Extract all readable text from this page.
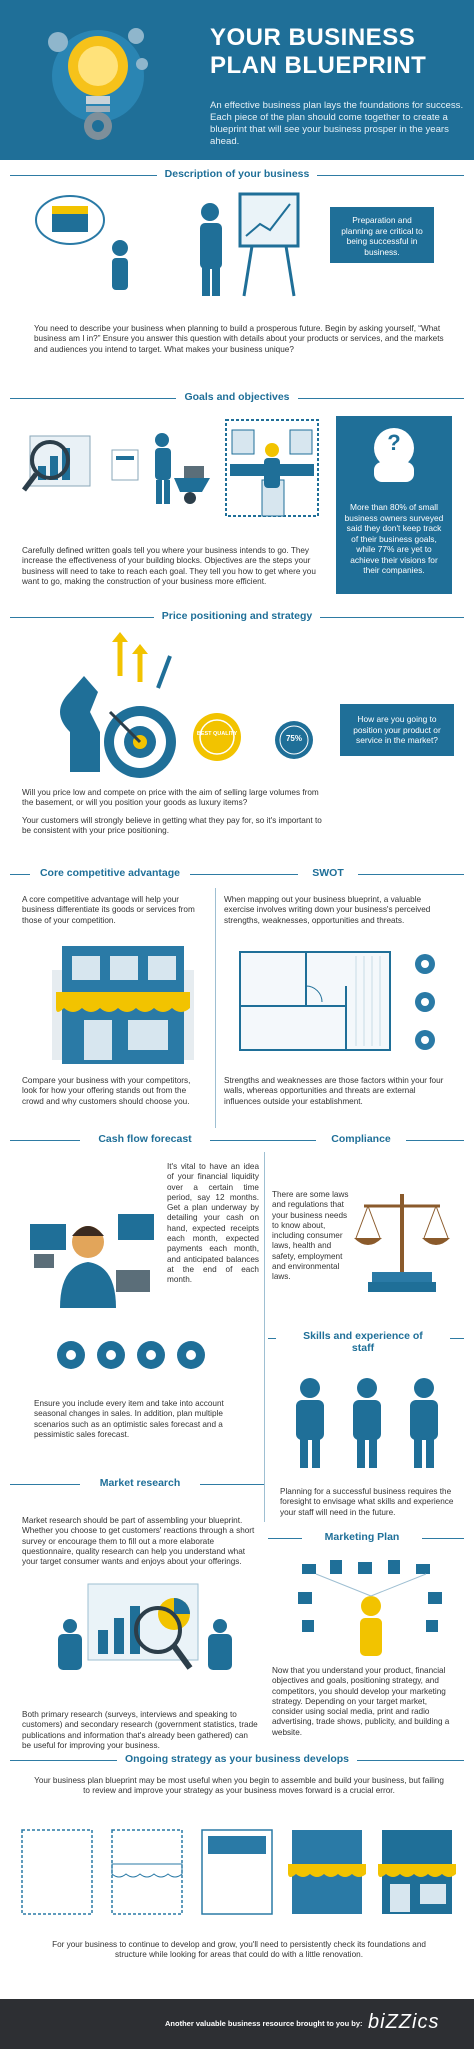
YOUR BUSINESS
PLAN BLUEPRINT
An effective business plan lays the foundations for success. Each piece of the plan should come together to create a blueprint that will see your business prosper in the years ahead.
Description of your business
Preparation and planning are critical to being successful in business.
You need to describe your business when planning to build a prosperous future. Begin by asking yourself, “What business am I in?” Ensure you answer this question with details about your products or services, and the markets and audiences you intend to target. What makes your business unique?
Goals and objectives
?
More than 80% of small business owners surveyed said they don't keep track of their business goals, while 77% are yet to achieve their visions for their companies.
Carefully defined written goals tell you where your business intends to go. They increase the effectiveness of your building blocks. Objectives are the steps your business will need to take to reach each goal. They tell you how to get where you want to go, making the construction of your business more efficient.
Price positioning and strategy
BEST QUALITY	75%
How are you going to position your product or service in the market?
Will you price low and compete on price with the aim of selling large volumes from the basement, or will you position your goods as luxury items?
Your customers will strongly believe in getting what they pay for, so it's important to be consistent with your price positioning.
Core competitive advantage	SWOT
A core competitive advantage will help your business differentiate its goods or services from those of your competition.
Compare your business with your competitors, look for how your offering stands out from the crowd and why customers should choose you.
When mapping out your business blueprint, a valuable exercise involves writing down your business's perceived strengths, weaknesses, opportunities and threats.
Strengths and weaknesses are those factors within your four walls, whereas opportunities and threats are external influences outside your establishment.
Cash flow forecast	Compliance
It's vital to have an idea of your financial liquidity over a certain time period, say 12 months. Get a plan underway by detailing your cash on hand, expected receipts each month, expected payments each month, and anticipated balances at the end of each month.
Ensure you include every item and take into account seasonal changes in sales. In addition, plan multiple scenarios such as an optimistic sales forecast and a pessimistic sales forecast.
There are some laws and regulations that your business needs to know about, including consumer laws, health and safety, employment and environmental laws.
Skills and experience of
staff
Planning for a successful business requires the foresight to envisage what skills and experience your staff will need in the future.
Market research
Market research should be part of assembling your blueprint. Whether you choose to get customers' reactions through a short survey or encourage them to fill out a more elaborate questionnaire, quality research can help you understand what your target consumer wants and enjoys about your offerings.
Both primary research (surveys, interviews and speaking to customers) and secondary research (government statistics, trade publications and information that's already been gathered) can be useful for improving your business.
Marketing Plan
Now that you understand your product, financial objectives and goals, positioning strategy, and competitors, you should develop your marketing strategy. Depending on your target market, consider using social media, print and radio advertising, trade shows, publicity, and building a website.
Ongoing strategy as your business develops
Your business plan blueprint may be most useful when you begin to assemble and build your business, but failing to review and improve your strategy as your business moves forward is a crucial error.
For your business to continue to develop and grow, you'll need to persistently check its foundations and structure while looking for areas that could do with a little renovation.
Another valuable business resource brought to you by: biZZics
